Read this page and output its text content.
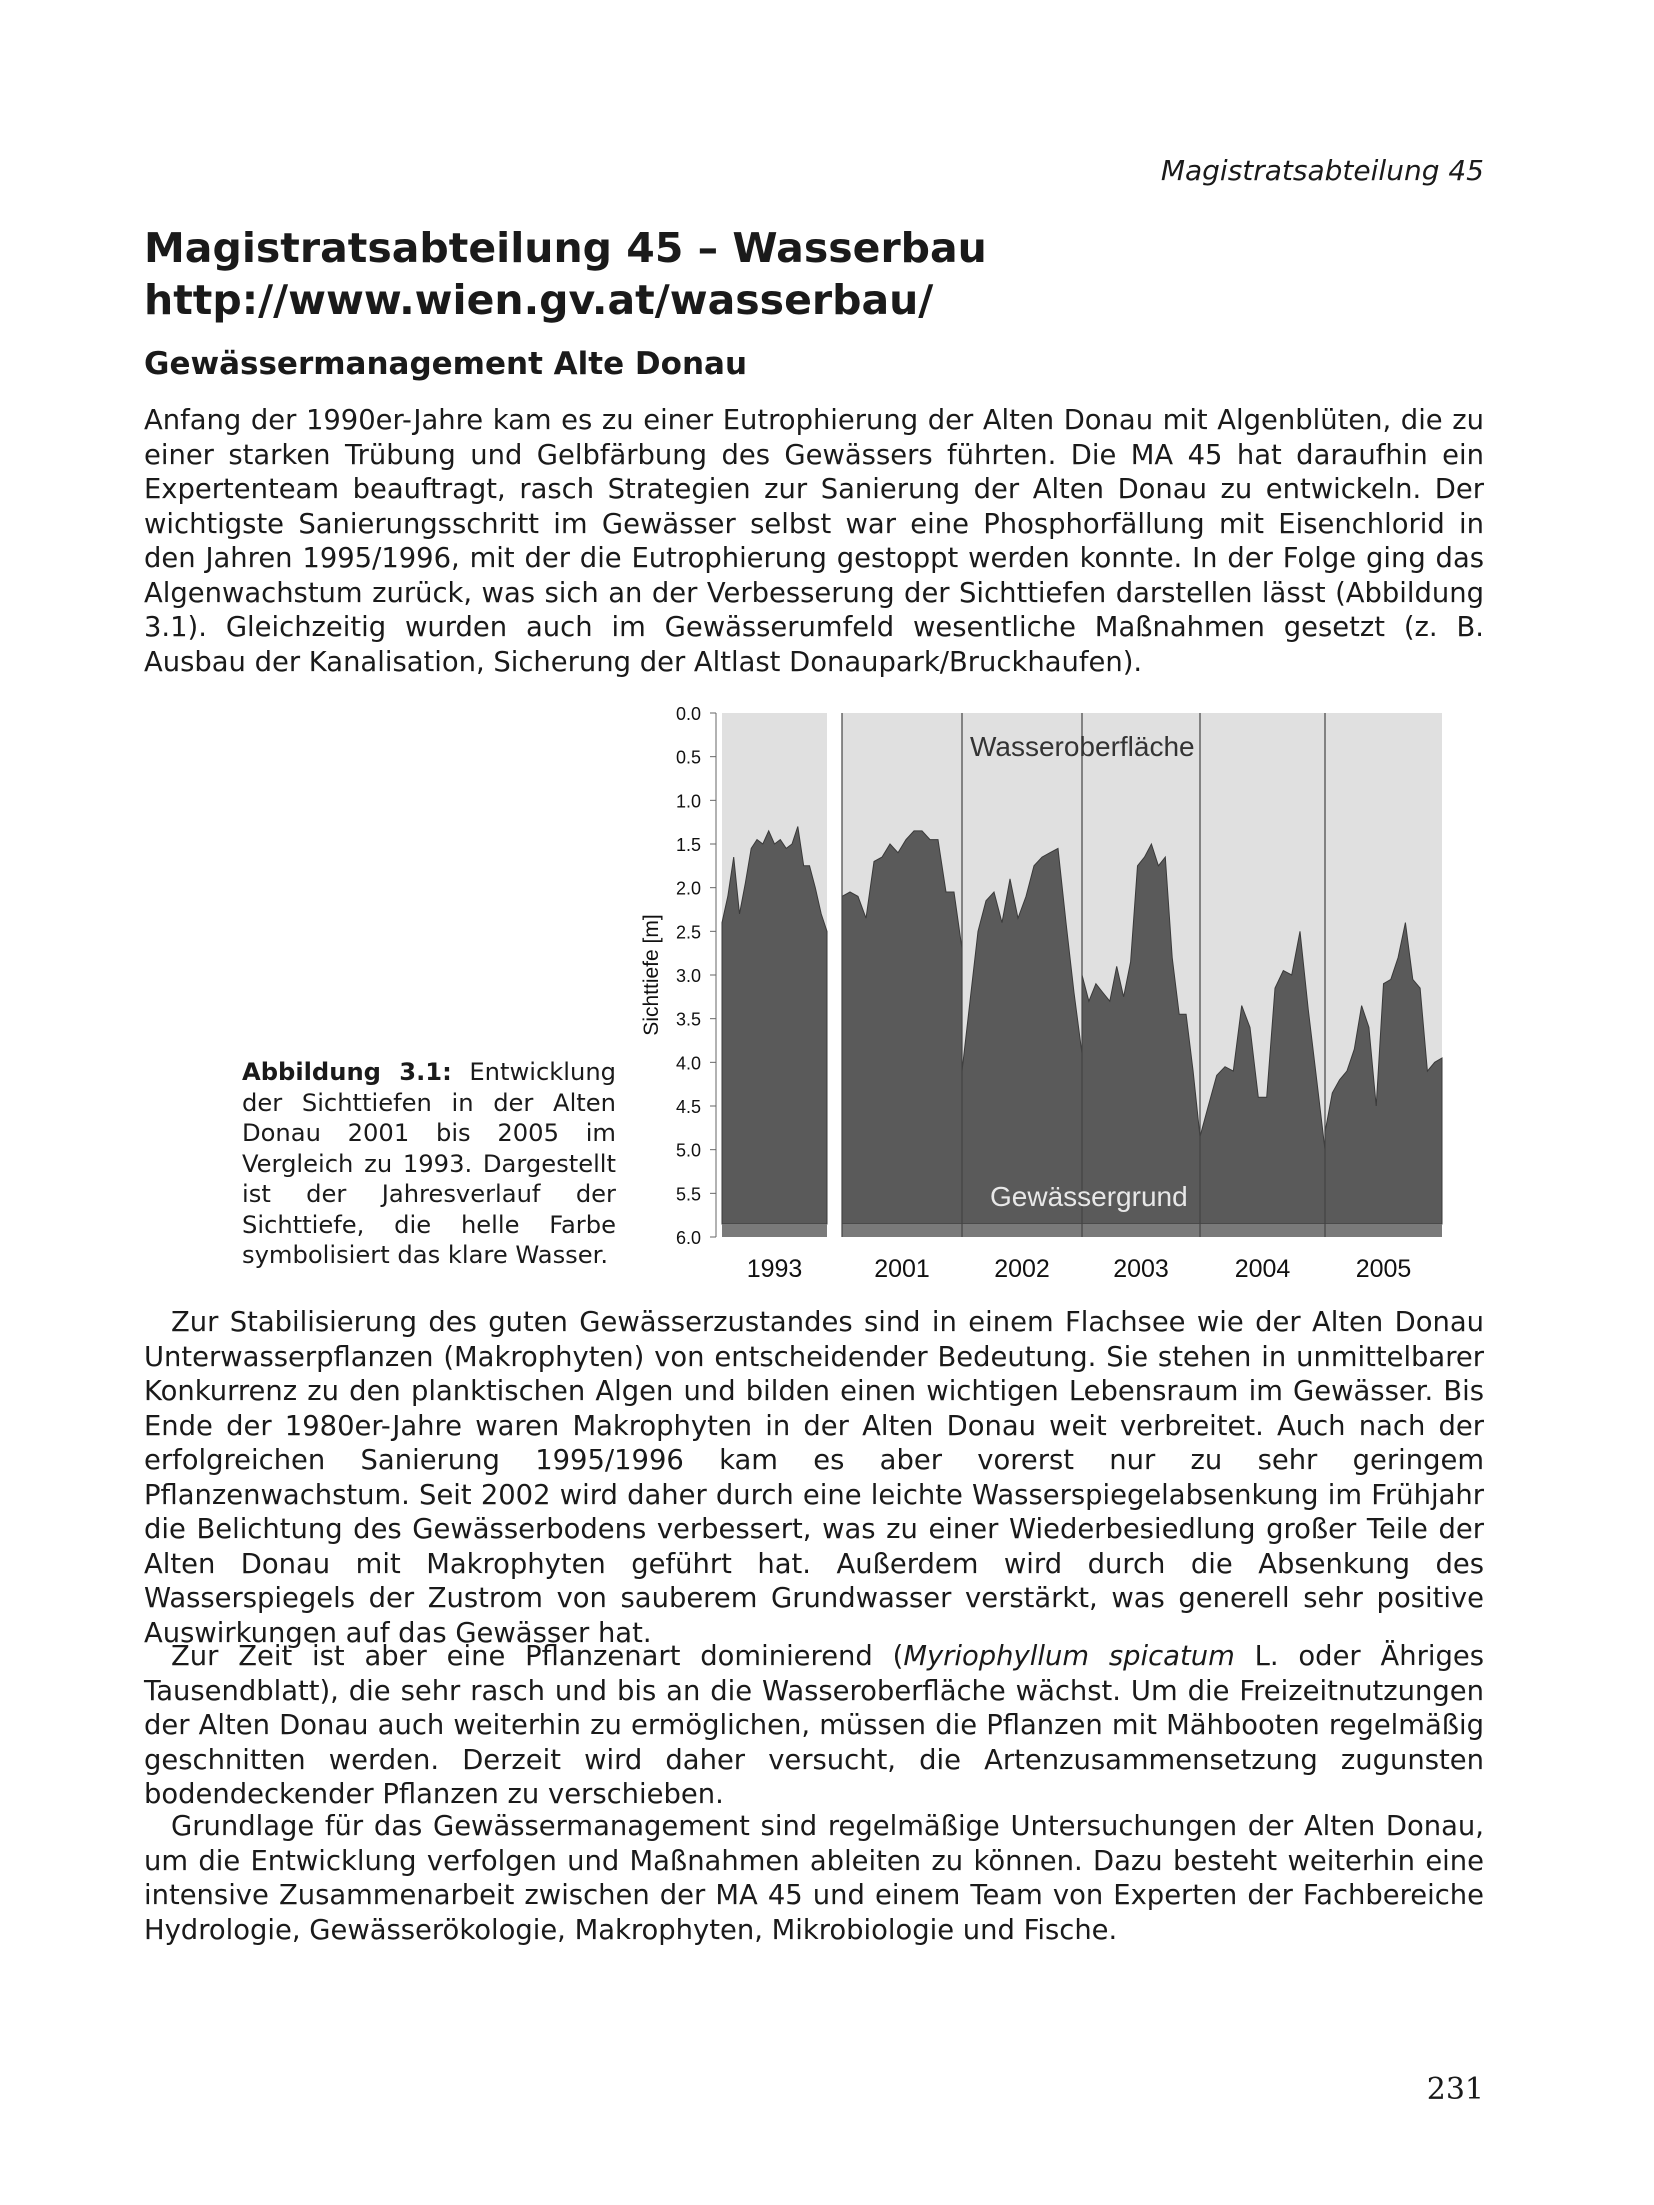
Magistratsabteilung 45
Magistratsabteilung 45 – Wasserbau
http://www.wien.gv.at/wasserbau/
Gewässermanagement Alte Donau

Anfang der 1990er-Jahre kam es zu einer Eutrophierung der Alten Donau mit Algenblüten, die zu einer starken Trübung und Gelbfärbung des Gewässers führten. Die MA 45 hat daraufhin ein Expertenteam beauftragt, rasch Strategien zur Sanierung der Alten Donau zu entwickeln. Der wichtigste Sanierungsschritt im Gewässer selbst war eine Phosphorfällung mit Eisenchlorid in den Jahren 1995/1996, mit der die Eutrophierung gestoppt werden konnte. In der Folge ging das Algenwachstum zurück, was sich an der Verbesserung der Sichttiefen darstellen lässt (Abbildung 3.1). Gleichzeitig wurden auch im Gewässerumfeld wesentliche Maßnahmen gesetzt (z. B. Ausbau der Kanalisation, Sicherung der Altlast Donaupark/Bruckhaufen).

Abbildung 3.1: Entwicklung der Sichttiefen in der Alten Donau 2001 bis 2005 im Vergleich zu 1993. Dargestellt ist der Jahresverlauf der Sichttiefe, die helle Farbe symbolisiert das klare Wasser.	1993	2001	2002	2003	2004	2005
0.0
0.5
1.0
1.5
2.0
2.5
3.0
3.5
4.0
4.5
5.0
5.5
6.0
Sichttiefe [m]
Wasseroberfläche
Gewässergrund

Zur Stabilisierung des guten Gewässerzustandes sind in einem Flachsee wie der Alten Donau Unterwasserpflanzen (Makrophyten) von entscheidender Bedeutung. Sie stehen in unmittelbarer Konkurrenz zu den planktischen Algen und bilden einen wichtigen Lebensraum im Gewässer. Bis Ende der 1980er-Jahre waren Makrophyten in der Alten Donau weit verbreitet. Auch nach der erfolgreichen Sanierung 1995/1996 kam es aber vorerst nur zu sehr geringem Pflanzenwachstum. Seit 2002 wird daher durch eine leichte Wasserspiegelabsenkung im Frühjahr die Belichtung des Gewässerbodens verbessert, was zu einer Wiederbesiedlung großer Teile der Alten Donau mit Makrophyten geführt hat. Außerdem wird durch die Absenkung des Wasserspiegels der Zustrom von sauberem Grundwasser verstärkt, was generell sehr positive Auswirkungen auf das Gewässer hat.

Zur Zeit ist aber eine Pflanzenart dominierend (Myriophyllum spicatum L. oder Ähriges Tausendblatt), die sehr rasch und bis an die Wasseroberfläche wächst. Um die Freizeitnutzungen der Alten Donau auch weiterhin zu ermöglichen, müssen die Pflanzen mit Mähbooten regelmäßig geschnitten werden. Derzeit wird daher versucht, die Artenzusammensetzung zugunsten bodendeckender Pflanzen zu verschieben.

Grundlage für das Gewässermanagement sind regelmäßige Untersuchungen der Alten Donau, um die Entwicklung verfolgen und Maßnahmen ableiten zu können. Dazu besteht weiterhin eine intensive Zusammenarbeit zwischen der MA 45 und einem Team von Experten der Fachbereiche Hydrologie, Gewässerökologie, Makrophyten, Mikrobiologie und Fische.

231
